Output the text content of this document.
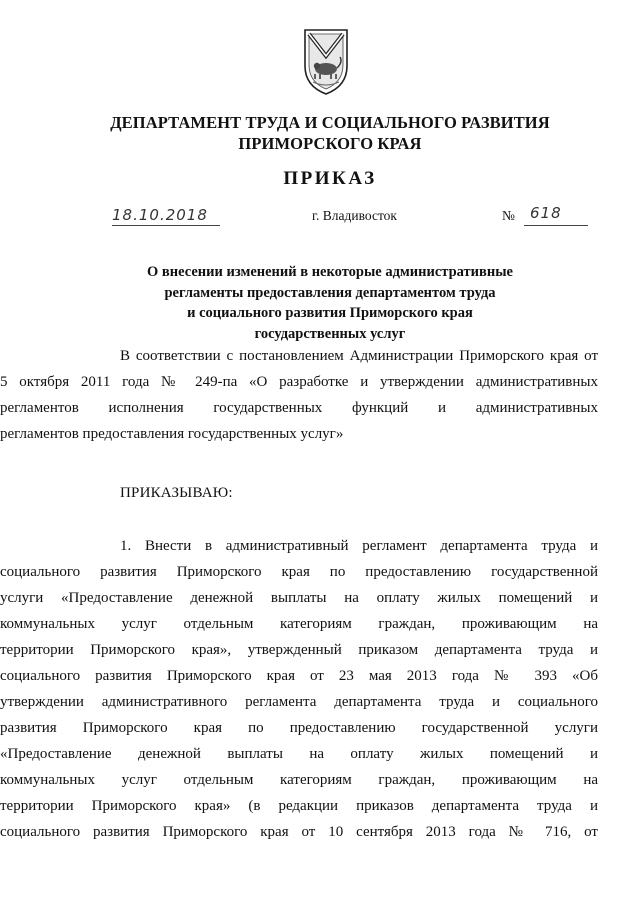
ДЕПАРТАМЕНТ ТРУДА И СОЦИАЛЬНОГО РАЗВИТИЯ
ПРИМОРСКОГО КРАЯ
ПРИКАЗ
18.10.2018	г. Владивосток	№ 618
О внесении изменений в некоторые административные
регламенты предоставления департаментом труда
и социального развития Приморского края
государственных услуг
В соответствии с постановлением Администрации Приморского края от
5 октября 2011 года № 249-па «О разработке и утверждении административных
регламентов исполнения государственных функций и административных
регламентов предоставления государственных услуг»
ПРИКАЗЫВАЮ:
1. Внести в административный регламент департамента труда и
социального развития Приморского края по предоставлению государственной
услуги «Предоставление денежной выплаты на оплату жилых помещений и
коммунальных услуг отдельным категориям граждан, проживающим на
территории Приморского края», утвержденный приказом департамента труда и
социального развития Приморского края от 23 мая 2013 года № 393 «Об
утверждении административного регламента департамента труда и социального
развития Приморского края по предоставлению государственной услуги
«Предоставление денежной выплаты на оплату жилых помещений и
коммунальных услуг отдельным категориям граждан, проживающим на
территории Приморского края» (в редакции приказов департамента труда и
социального развития Приморского края от 10 сентября 2013 года № 716, от
